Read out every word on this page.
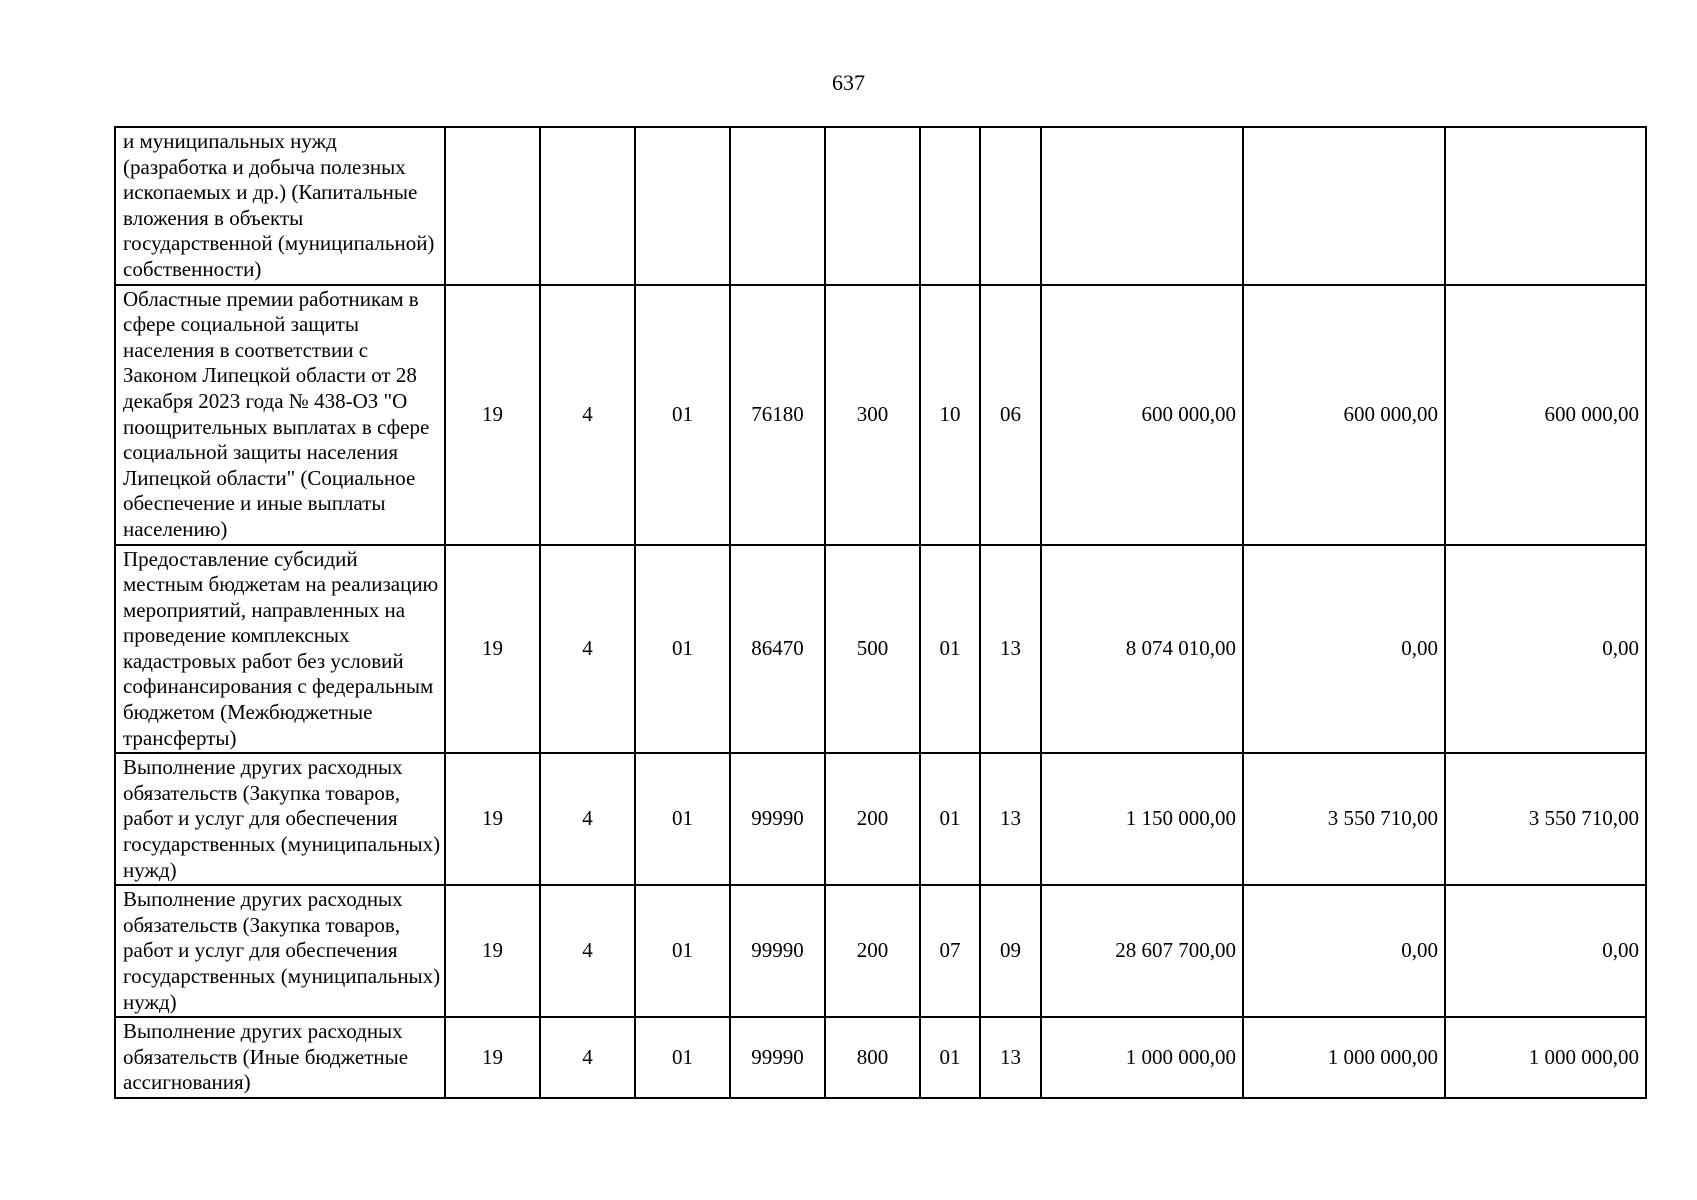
637
и муниципальных нужд (разработка и добыча полезных ископаемых и др.) (Капитальные вложения в объекты государственной (муниципальной) собственности)										
Областные премии работникам в сфере социальной защиты населения в соответствии с Законом Липецкой области от 28 декабря 2023 года № 438-ОЗ "О поощрительных выплатах в сфере социальной защиты населения Липецкой области" (Социальное обеспечение и иные выплаты населению)	19	4	01	76180	300	10	06	600 000,00	600 000,00	600 000,00
Предоставление субсидий местным бюджетам на реализацию мероприятий, направленных на проведение комплексных кадастровых работ без условий софинансирования с федеральным бюджетом (Межбюджетные трансферты)	19	4	01	86470	500	01	13	8 074 010,00	0,00	0,00
Выполнение других расходных обязательств (Закупка товаров, работ и услуг для обеспечения государственных (муниципальных) нужд)	19	4	01	99990	200	01	13	1 150 000,00	3 550 710,00	3 550 710,00
Выполнение других расходных обязательств (Закупка товаров, работ и услуг для обеспечения государственных (муниципальных) нужд)	19	4	01	99990	200	07	09	28 607 700,00	0,00	0,00
Выполнение других расходных обязательств (Иные бюджетные ассигнования)	19	4	01	99990	800	01	13	1 000 000,00	1 000 000,00	1 000 000,00
